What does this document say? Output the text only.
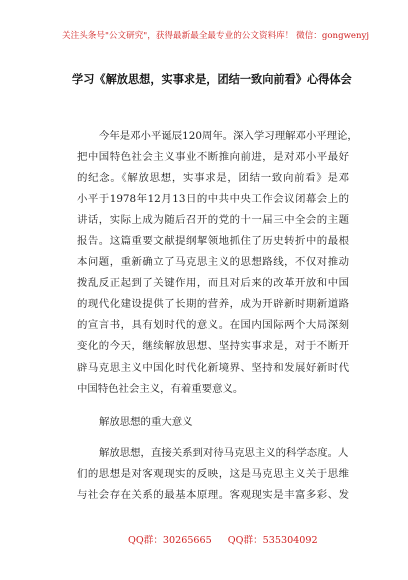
关注头条号"公文研究"，获得最新最全最专业的公文资料库！ 微信：gongwenyj
学习《解放思想，实事求是，团结一致向前看》心得体会
今年是邓小平诞辰120周年。深入学习理解邓小平理论，
把中国特色社会主义事业不断推向前进，是对邓小平最好
的纪念。《解放思想，实事求是，团结一致向前看》是邓
小平于1978年12月13日的中共中央工作会议闭幕会上的
讲话，实际上成为随后召开的党的十一届三中全会的主题
报告。这篇重要文献提纲挈领地抓住了历史转折中的最根
本问题，重新确立了马克思主义的思想路线，不仅对推动
拨乱反正起到了关键作用，而且对后来的改革开放和中国
的现代化建设提供了长期的营养，成为开辟新时期新道路
的宣言书，具有划时代的意义。在国内国际两个大局深刻
变化的今天，继续解放思想、坚持实事求是，对于不断开
辟马克思主义中国化时代化新境界、坚持和发展好新时代
中国特色社会主义，有着重要意义。
解放思想的重大意义
解放思想，直接关系到对待马克思主义的科学态度。人
们的思想是对客观现实的反映，这是马克思主义关于思维
与社会存在关系的最基本原理。客观现实是丰富多彩、发
QQ群：30265665 QQ群：535304092
